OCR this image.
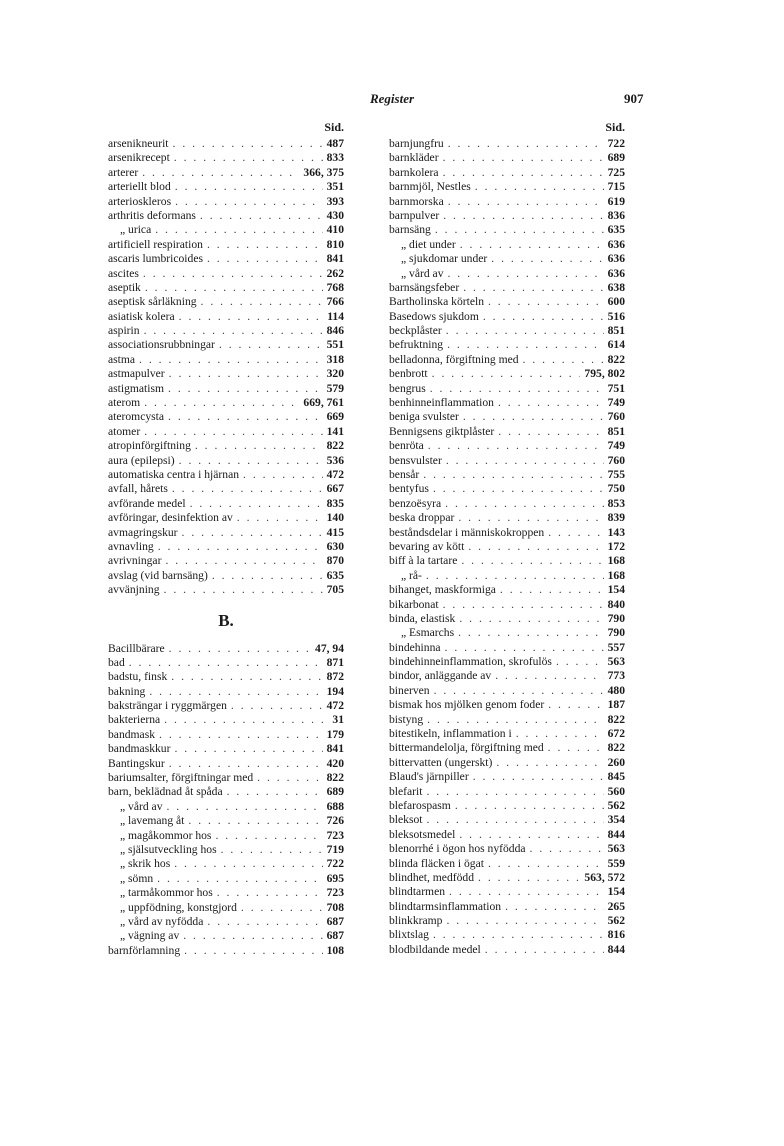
Register	907
Sid.
arsenikneurit . . .	487
arsenikrecept . . .	833
arterer . . .	366, 375
arteriellt blod . . .	351
arterioskleros . . .	393
arthritis deformans . . .	430
„ urica . . .	410
artificiell respiration . . .	810
ascaris lumbricoides . . .	841
ascites . . .	262
aseptik . . .	768
aseptisk sårläkning . . .	766
asiatisk kolera . . .	114
aspirin . . .	846
associationsrubbningar . . .	551
astma . . .	318
astmapulver . . .	320
astigmatism . . .	579
aterom . . .	669, 761
ateromcysta . . .	669
atomer . . .	141
atropinförgiftning . . .	822
aura (epilepsi) . . .	536
automatiska centra i hjärnan . . .	472
avfall, hårets . . .	667
avförande medel . . .	835
avföringar, desinfektion av . . .	140
avmagringskur . . .	415
avnavling . . .	630
avrivningar . . .	870
avslag (vid barnsäng) . . .	635
avvänjning . . .	705
B.
Bacillbärare . . .	47, 94
bad . . .	871
badstu, finsk . . .	872
bakning . . .	194
baksträngar i ryggmärgen . . .	472
bakterierna . . .	31
bandmask . . .	179
bandmaskkur . . .	841
Bantingskur . . .	420
bariumsalter, förgiftningar med . . .	822
barn, beklädnad åt spåda . . .	689
„ vård av . . .	688
„ lavemang åt . . .	726
„ magåkommor hos . . .	723
„ själsutveckling hos . . .	719
„ skrik hos . . .	722
„ sömn . . .	695
„ tarmåkommor hos . . .	723
„ uppfödning, konstgjord . . .	708
„ vård av nyfödda . . .	687
„ vägning av . . .	687
barnförlamning . . .	108
Sid.
barnjungfru . . .	722
barnkläder . . .	689
barnkolera . . .	725
barnmjöl, Nestles . . .	715
barnmorska . . .	619
barnpulver . . .	836
barnsäng . . .	635
„ diet under . . .	636
„ sjukdomar under . . .	636
„ vård av . . .	636
barnsängsfeber . . .	638
Bartholinska körteln . . .	600
Basedows sjukdom . . .	516
beckplåster . . .	851
befruktning . . .	614
belladonna, förgiftning med . . .	822
benbrott . . .	795, 802
bengrus . . .	751
benhinneinflammation . . .	749
beniga svulster . . .	760
Bennigsens giktplåster . . .	851
benröta . . .	749
bensvulster . . .	760
bensår . . .	755
bentyfus . . .	750
benzoësyra . . .	853
beska droppar . . .	839
beståndsdelar i människokroppen . . .	143
bevaring av kött . . .	172
biff à la tartare . . .	168
„ rå- . . .	168
bihanget, maskformiga . . .	154
bikarbonat . . .	840
binda, elastisk . . .	790
„ Esmarchs . . .	790
bindehinna . . .	557
bindehinneinflammation, skrofulös . . .	563
bindor, anläggande av . . .	773
binerven . . .	480
bismak hos mjölken genom foder . . .	187
bistyng . . .	822
bitestikeln, inflammation i . . .	672
bittermandelolja, förgiftning med . . .	822
bittervatten (ungerskt) . . .	260
Blaud's järnpiller . . .	845
blefarit . . .	560
blefarospasm . . .	562
bleksot . . .	354
bleksotsmedel . . .	844
blenorrhé i ögon hos nyfödda . . .	563
blinda fläcken i ögat . . .	559
blindhet, medfödd . . .	563, 572
blindtarmen . . .	154
blindtarmsinflammation . . .	265
blinkkramp . . .	562
blixtslag . . .	816
blodbildande medel . . .	844
